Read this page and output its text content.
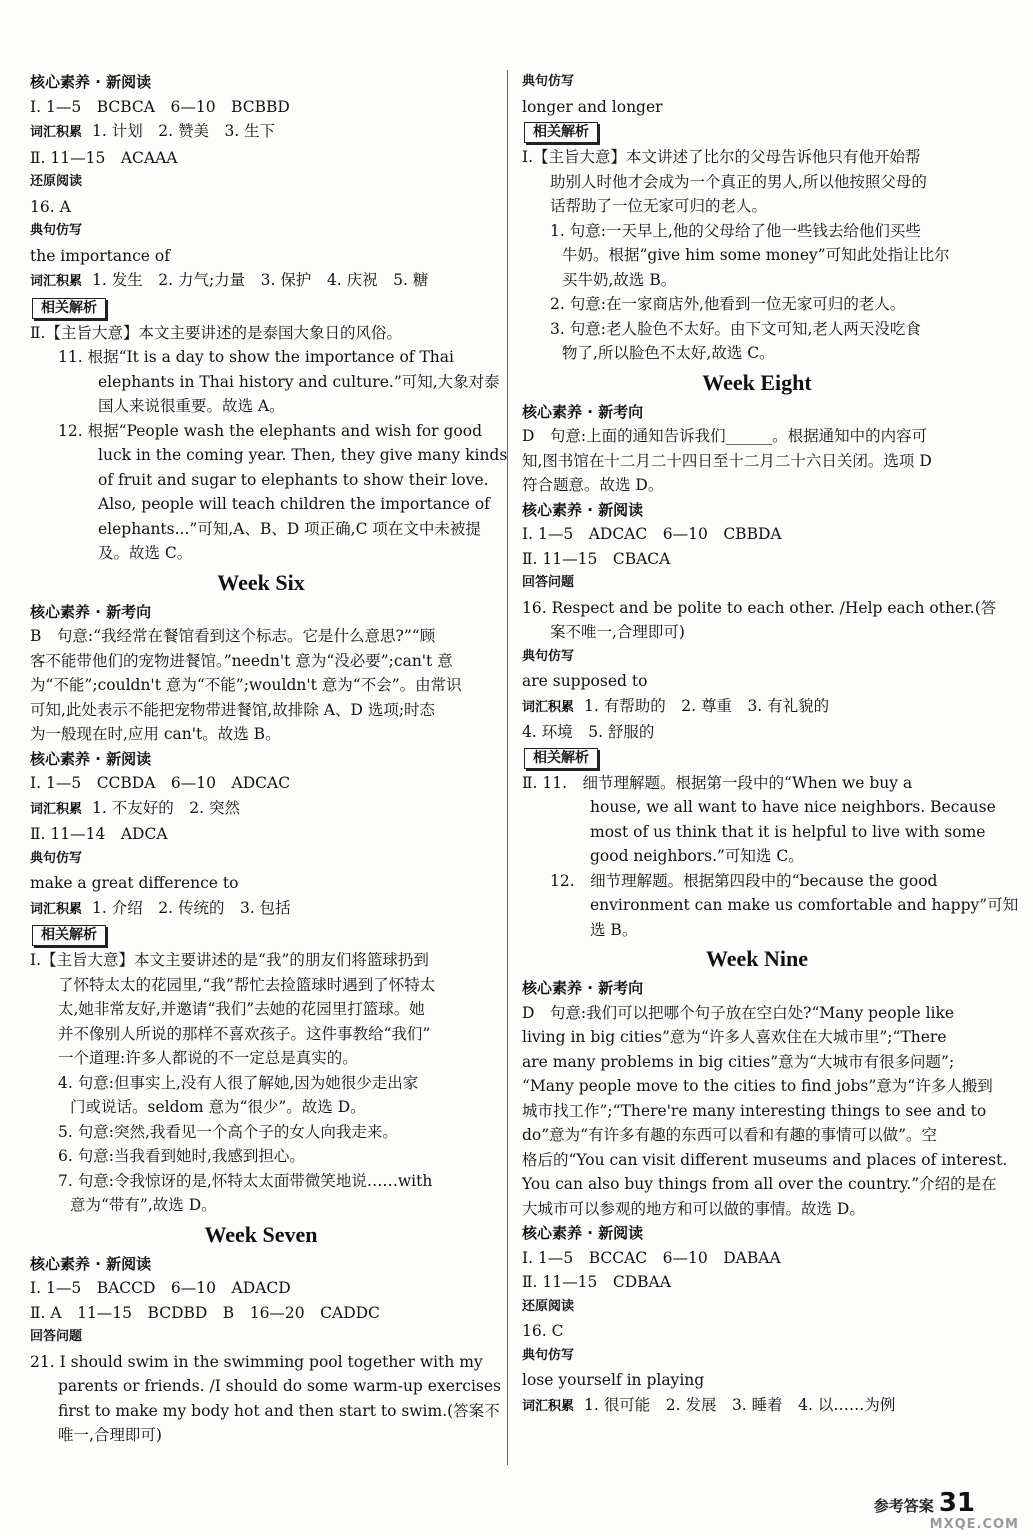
核心素养 · 新阅读
Ⅰ. 1—5　BCBCA　6—10　BCBBD
词汇积累 1. 计划　2. 赞美　3. 生下
Ⅱ. 11—15　ACAAA
还原阅读
16. A
典句仿写
the importance of
词汇积累 1. 发生　2. 力气;力量　3. 保护　4. 庆祝　5. 糖
相关解析
Ⅱ.【主旨大意】本文主要讲述的是泰国大象日的风俗。
11. 根据“It is a day to show the importance of Thai
elephants in Thai history and culture.”可知,大象对泰
国人来说很重要。故选 A。
12. 根据“People wash the elephants and wish for good
luck in the coming year. Then, they give many kinds
of fruit and sugar to elephants to show their love.
Also, people will teach children the importance of
elephants...”可知,A、B、D 项正确,C 项在文中未被提
及。故选 C。
Week Six
核心素养 · 新考向
B　句意:“我经常在餐馆看到这个标志。它是什么意思?”“顾
客不能带他们的宠物进餐馆。”needn't 意为“没必要”;can't 意
为“不能”;couldn't 意为“不能”;wouldn't 意为“不会”。由常识
可知,此处表示不能把宠物带进餐馆,故排除 A、D 选项;时态
为一般现在时,应用 can't。故选 B。
核心素养 · 新阅读
Ⅰ. 1—5　CCBDA　6—10　ADCAC
词汇积累 1. 不友好的　2. 突然
Ⅱ. 11—14　ADCA
典句仿写
make a great difference to
词汇积累 1. 介绍　2. 传统的　3. 包括
相关解析
Ⅰ.【主旨大意】本文主要讲述的是“我”的朋友们将篮球扔到
了怀特太太的花园里,“我”帮忙去捡篮球时遇到了怀特太
太,她非常友好,并邀请“我们”去她的花园里打篮球。她
并不像别人所说的那样不喜欢孩子。这件事教给“我们”
一个道理:许多人都说的不一定总是真实的。
4. 句意:但事实上,没有人很了解她,因为她很少走出家
门或说话。seldom 意为“很少”。故选 D。
5. 句意:突然,我看见一个高个子的女人向我走来。
6. 句意:当我看到她时,我感到担心。
7. 句意:令我惊讶的是,怀特太太面带微笑地说……with
意为“带有”,故选 D。
Week Seven
核心素养 · 新阅读
Ⅰ. 1—5　BACCD　6—10　ADACD
Ⅱ. A　11—15　BCDBD　B　16—20　CADDC
回答问题
21. I should swim in the swimming pool together with my
parents or friends. /I should do some warm-up exercises
first to make my body hot and then start to swim.(答案不
唯一,合理即可)
典句仿写
longer and longer
相关解析
Ⅰ.【主旨大意】本文讲述了比尔的父母告诉他只有他开始帮
助别人时他才会成为一个真正的男人,所以他按照父母的
话帮助了一位无家可归的老人。
1. 句意:一天早上,他的父母给了他一些钱去给他们买些
牛奶。根据“give him some money”可知此处指让比尔
买牛奶,故选 B。
2. 句意:在一家商店外,他看到一位无家可归的老人。
3. 句意:老人脸色不太好。由下文可知,老人两天没吃食
物了,所以脸色不太好,故选 C。
Week Eight
核心素养 · 新考向
D　句意:上面的通知告诉我们______。根据通知中的内容可
知,图书馆在十二月二十四日至十二月二十六日关闭。选项 D
符合题意。故选 D。
核心素养 · 新阅读
Ⅰ. 1—5　ADCAC　6—10　CBBDA
Ⅱ. 11—15　CBACA
回答问题
16. Respect and be polite to each other. /Help each other.(答
案不唯一,合理即可)
典句仿写
are supposed to
词汇积累 1. 有帮助的　2. 尊重　3. 有礼貌的
4. 环境　5. 舒服的
相关解析
Ⅱ. 11.　细节理解题。根据第一段中的“When we buy a
house, we all want to have nice neighbors. Because
most of us think that it is helpful to live with some
good neighbors.”可知选 C。
12.　细节理解题。根据第四段中的“because the good
environment can make us comfortable and happy”可知
选 B。
Week Nine
核心素养 · 新考向
D　句意:我们可以把哪个句子放在空白处?“Many people like
living in big cities”意为“许多人喜欢住在大城市里”;“There
are many problems in big cities”意为“大城市有很多问题”;
“Many people move to the cities to find jobs”意为“许多人搬到
城市找工作”;“There're many interesting things to see and to
do”意为“有许多有趣的东西可以看和有趣的事情可以做”。空
格后的“You can visit different museums and places of interest.
You can also buy things from all over the country.”介绍的是在
大城市可以参观的地方和可以做的事情。故选 D。
核心素养 · 新阅读
Ⅰ. 1—5　BCCAC　6—10　DABAA
Ⅱ. 11—15　CDBAA
还原阅读
16. C
典句仿写
lose yourself in playing
词汇积累 1. 很可能　2. 发展　3. 睡着　4. 以……为例
参考答案 31
MXQE.COM
